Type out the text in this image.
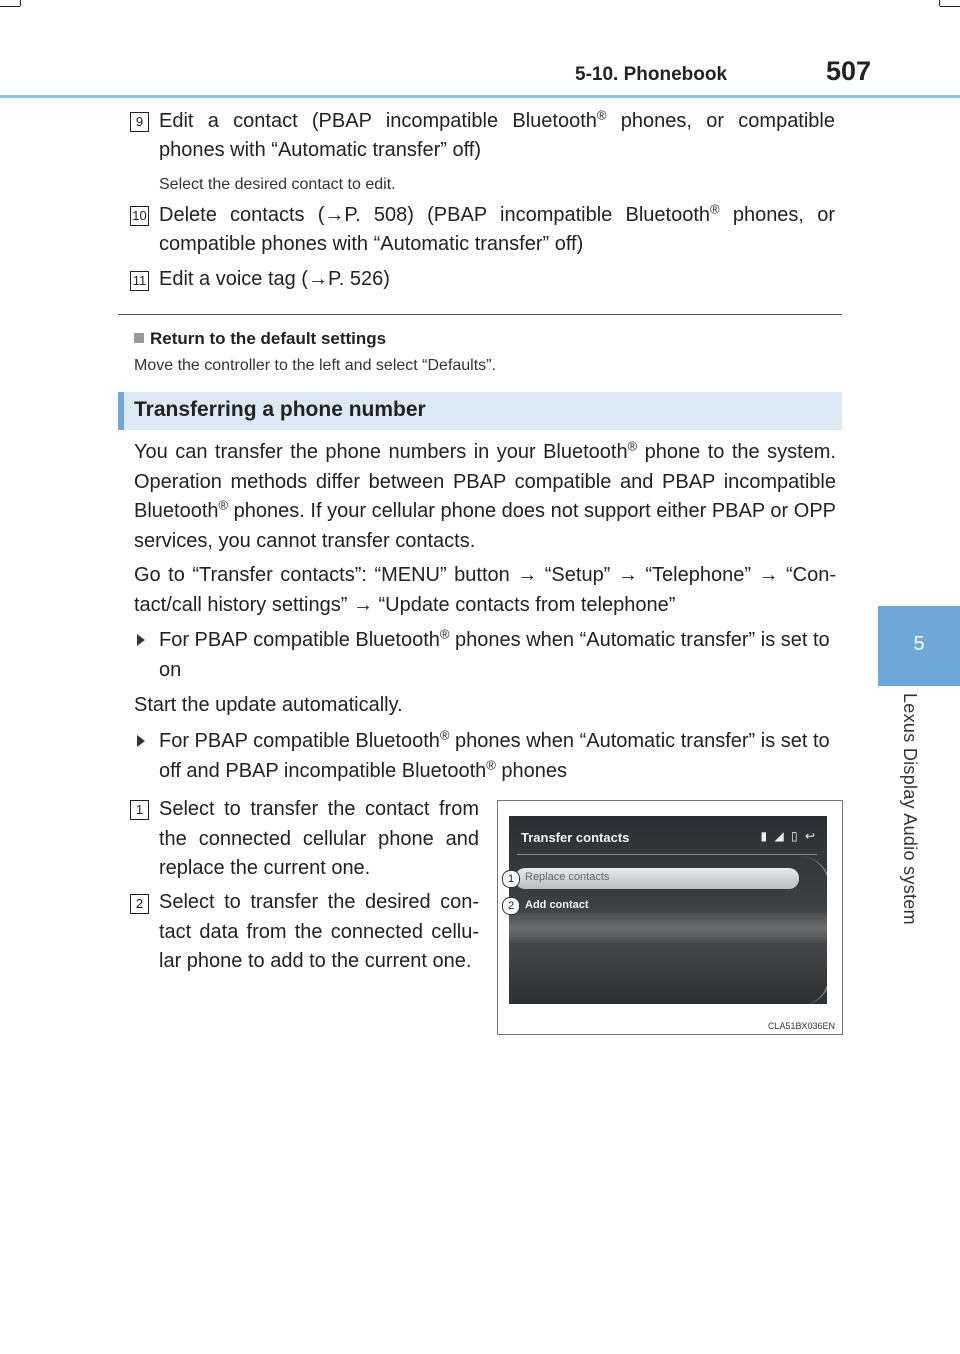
5-10. Phonebook	507
5
Lexus Display Audio system
9 Edit a contact (PBAP incompatible Bluetooth® phones, or compatible phones with “Automatic transfer” off)
Select the desired contact to edit.
10 Delete contacts (→P. 508) (PBAP incompatible Bluetooth® phones, or compatible phones with “Automatic transfer” off)
11 Edit a voice tag (→P. 526)
Return to the default settings
Move the controller to the left and select “Defaults”.
Transferring a phone number
You can transfer the phone numbers in your Bluetooth® phone to the system. Operation methods differ between PBAP compatible and PBAP incompatible Bluetooth® phones. If your cellular phone does not support either PBAP or OPP services, you cannot transfer contacts.
Go to “Transfer contacts”: “MENU” button → “Setup” → “Telephone” → “Con-tact/call history settings” → “Update contacts from telephone”
For PBAP compatible Bluetooth® phones when “Automatic transfer” is set to on
Start the update automatically.
For PBAP compatible Bluetooth® phones when “Automatic transfer” is set to off and PBAP incompatible Bluetooth® phones
1 Select to transfer the contact from the connected cellular phone and replace the current one.
2 Select to transfer the desired con-tact data from the connected cellu-lar phone to add to the current one.
Transfer contacts	▮ ◢ ▯ ↩
Replace contacts
Add contact
1
2
CLA51BX036EN
